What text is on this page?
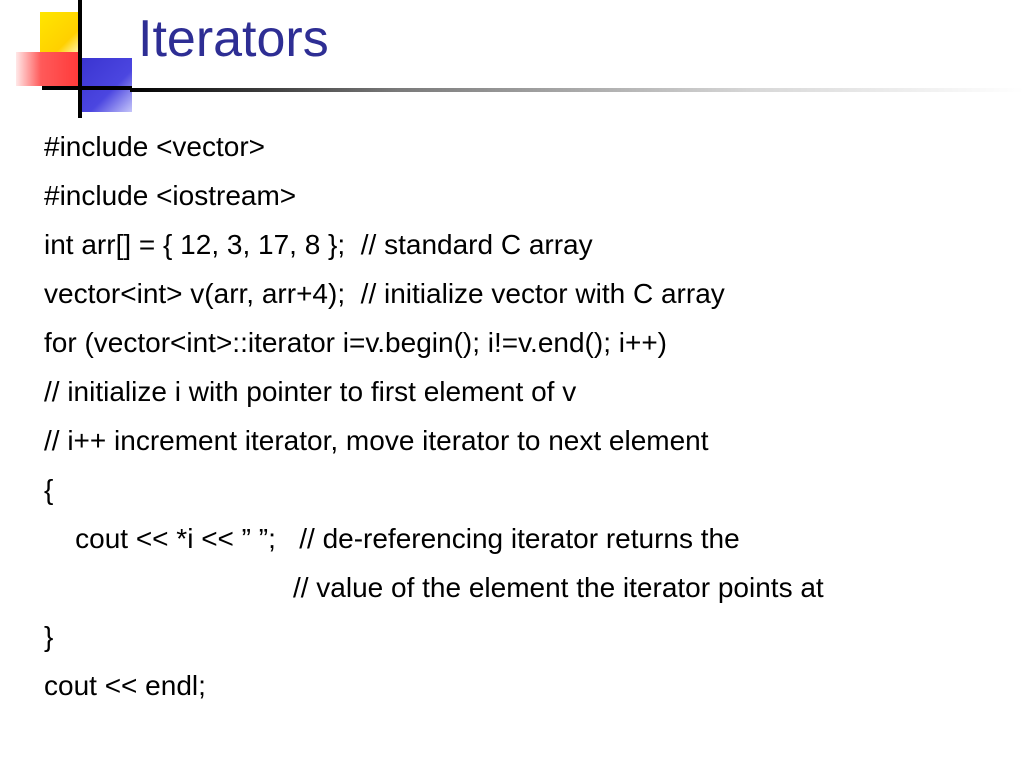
Iterators
#include <vector>
#include <iostream>
int arr[] = { 12, 3, 17, 8 };  // standard C array
vector<int> v(arr, arr+4);  // initialize vector with C array
for (vector<int>::iterator i=v.begin(); i!=v.end(); i++)
// initialize i with pointer to first element of v
// i++ increment iterator, move iterator to next element
{
cout << *i << ” ”;   // de-referencing iterator returns the
// value of the element the iterator points at
}
cout << endl;
